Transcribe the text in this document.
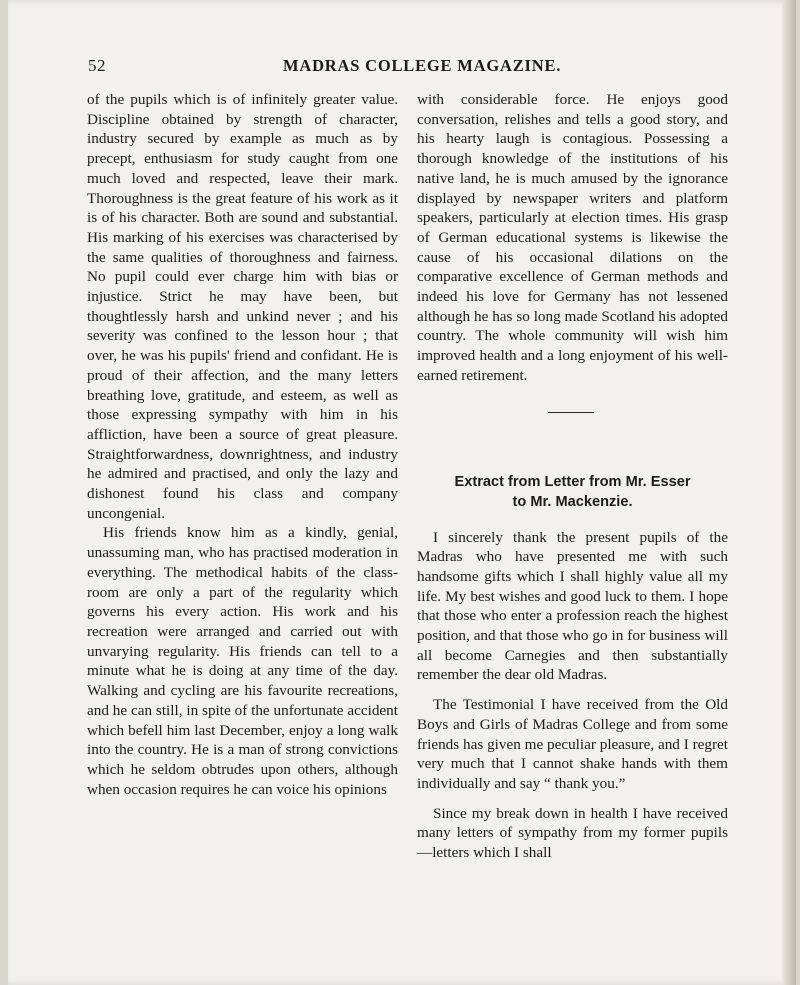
52	MADRAS COLLEGE MAGAZINE.

of the pupils which is of infinitely greater value. Discipline obtained by strength of character, industry secured by example as much as by precept, enthusiasm for study caught from one much loved and respected, leave their mark. Thoroughness is the great feature of his work as it is of his character. Both are sound and substantial. His marking of his exercises was characterised by the same qualities of thoroughness and fairness. No pupil could ever charge him with bias or injustice. Strict he may have been, but thoughtlessly harsh and unkind never ; and his severity was confined to the lesson hour ; that over, he was his pupils' friend and confidant. He is proud of their affection, and the many letters breathing love, gratitude, and esteem, as well as those expressing sympathy with him in his affliction, have been a source of great pleasure. Straightforwardness, downrightness, and industry he admired and practised, and only the lazy and dishonest found his class and company uncongenial.

His friends know him as a kindly, genial, unassuming man, who has practised moderation in everything. The methodical habits of the class-room are only a part of the regularity which governs his every action. His work and his recreation were arranged and carried out with unvarying regularity. His friends can tell to a minute what he is doing at any time of the day. Walking and cycling are his favourite recreations, and he can still, in spite of the unfortunate accident which befell him last December, enjoy a long walk into the country. He is a man of strong convictions which he seldom obtrudes upon others, although when occasion requires he can voice his opinions

with considerable force. He enjoys good conversation, relishes and tells a good story, and his hearty laugh is contagious. Possessing a thorough knowledge of the institutions of his native land, he is much amused by the ignorance displayed by newspaper writers and platform speakers, particularly at election times. His grasp of German educational systems is likewise the cause of his occasional dilations on the comparative excellence of German methods and indeed his love for Germany has not lessened although he has so long made Scotland his adopted country. The whole community will wish him improved health and a long enjoyment of his well-earned retirement.

Extract from Letter from Mr. Esser
to Mr. Mackenzie.

I sincerely thank the present pupils of the Madras who have presented me with such handsome gifts which I shall highly value all my life. My best wishes and good luck to them. I hope that those who enter a profession reach the highest position, and that those who go in for business will all become Carnegies and then substantially remember the dear old Madras.

The Testimonial I have received from the Old Boys and Girls of Madras College and from some friends has given me peculiar pleasure, and I regret very much that I cannot shake hands with them individually and say “ thank you.”

Since my break down in health I have received many letters of sympathy from my former pupils—letters which I shall
